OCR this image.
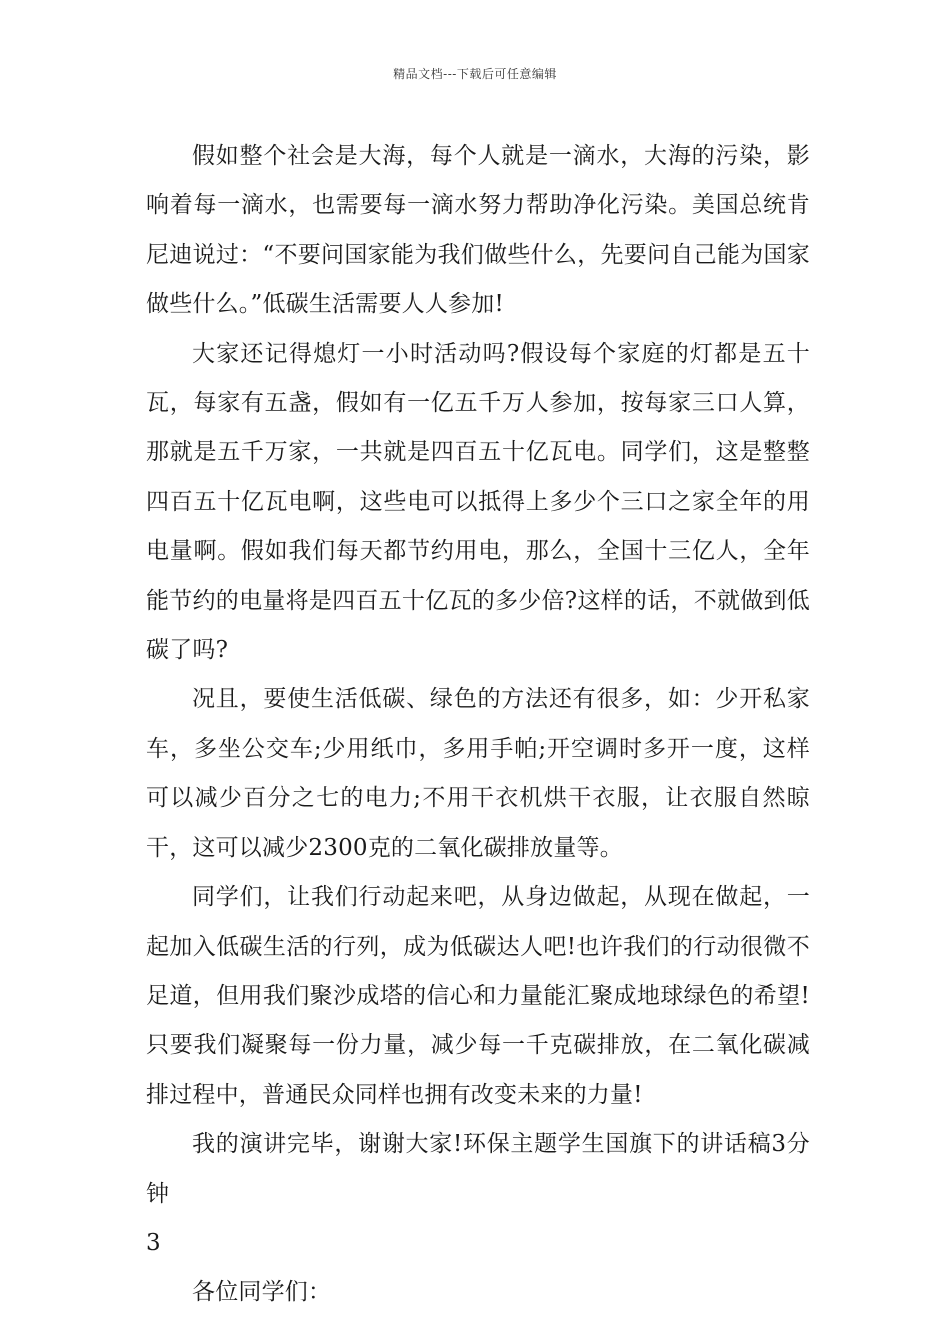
精品文档---下载后可任意编辑

假如整个社会是大海，每个人就是一滴水，大海的污染，影响着每一滴水，也需要每一滴水努力帮助净化污染。美国总统肯尼迪说过：“不要问国家能为我们做些什么，先要问自己能为国家做些什么。”低碳生活需要人人参加!

大家还记得熄灯一小时活动吗?假设每个家庭的灯都是五十瓦，每家有五盏，假如有一亿五千万人参加，按每家三口人算，那就是五千万家，一共就是四百五十亿瓦电。同学们，这是整整四百五十亿瓦电啊，这些电可以抵得上多少个三口之家全年的用电量啊。假如我们每天都节约用电，那么，全国十三亿人，全年能节约的电量将是四百五十亿瓦的多少倍?这样的话，不就做到低碳了吗?

况且，要使生活低碳、绿色的方法还有很多，如：少开私家车，多坐公交车;少用纸巾，多用手帕;开空调时多开一度，这样可以减少百分之七的电力;不用干衣机烘干衣服，让衣服自然晾干，这可以减少2300克的二氧化碳排放量等。

同学们，让我们行动起来吧，从身边做起，从现在做起，一起加入低碳生活的行列，成为低碳达人吧!也许我们的行动很微不足道，但用我们聚沙成塔的信心和力量能汇聚成地球绿色的希望!只要我们凝聚每一份力量，减少每一千克碳排放，在二氧化碳减排过程中，普通民众同样也拥有改变未来的力量!

我的演讲完毕，谢谢大家!环保主题学生国旗下的讲话稿3分钟

3

各位同学们：
